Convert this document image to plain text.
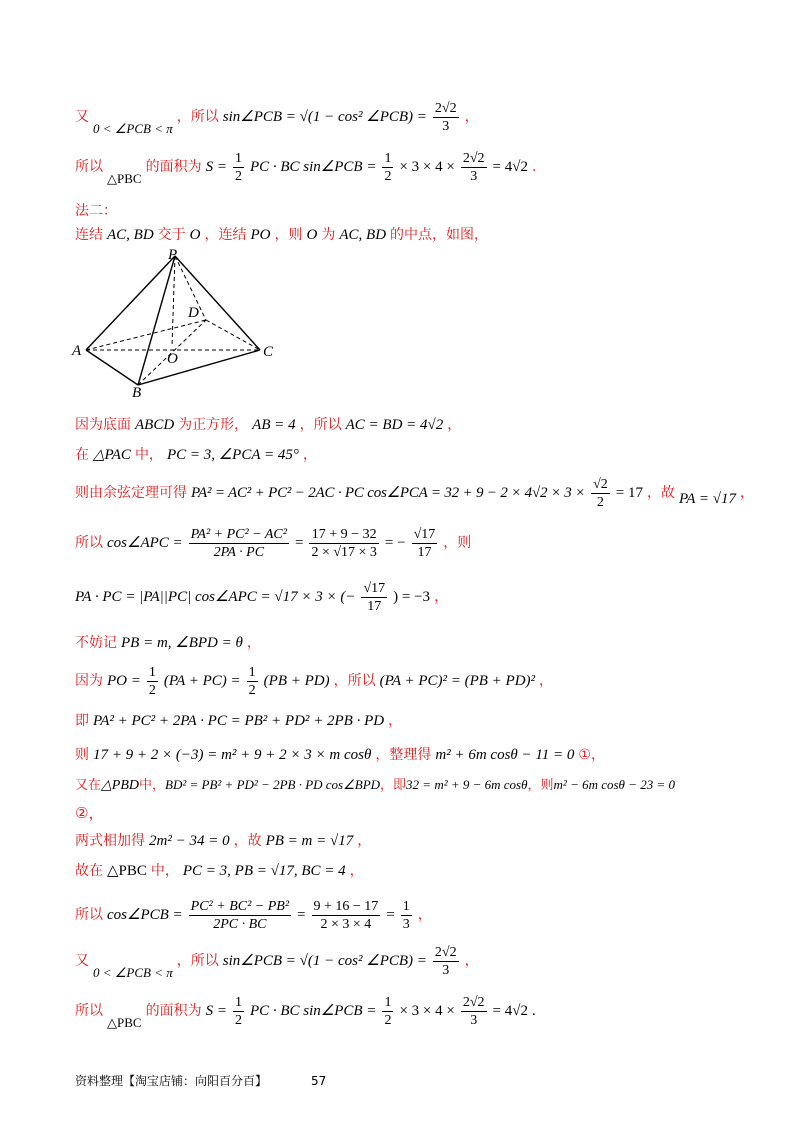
又 $_{0 < \angle PCB < \pi}$ ，所以 sin∠PCB = √(1 − cos² ∠PCB) = $\frac{2√2}{3}$ ，
所以 $_{\triangle PBC}$ 的面积为 $S = \frac{1}{2}$ PC · BC sin∠PCB = $\frac{1}{2} \times 3 \times 4 \times \frac{2√2}{3} = 4√2$ .
法二：
连结 AC, BD 交于 O ，连结 PO ，则 O 为 AC, BD 的中点，如图，
P
D
A	O	C
B
因为底面 ABCD 为正方形， AB = 4 ，所以 AC = BD = 4√2 ，
在 △PAC 中， PC = 3, ∠PCA = 45° ，
则由余弦定理可得 PA² = AC² + PC² − 2AC · PC cos∠PCA = $32 + 9 - 2 \times 4√2 \times 3 \times \frac{√2}{2} = 17$ ，故 PA = √17 ，
所以 cos∠APC = $\frac{\text{PA² + PC² − AC²}}{2PA \cdot PC} = \frac{17 + 9 - 32}{2 \times √17 \times 3}$ = − $\frac{√17}{17}$ ，则
PA · PC = |PA||PC| cos∠APC = √17 × 3 × (− $\frac{√17}{17}$ ) = −3 ，
不妨记 PB = m, ∠BPD = θ ，
因为 PO = $\frac{1}{2} (PA + PC) = \frac{1}{2} (PB + PD)$ ，所以 (PA + PC)² = (PB + PD)² ，
即 PA² + PC² + 2PA · PC = PB² + PD² + 2PB · PD ，
则 17 + 9 + 2 × (−3) = m² + 9 + 2 × 3 × m cosθ ，整理得 m² + 6m cosθ − 11 = 0 ①，
又在 △PBD 中， BD² = PB² + PD² − 2PB · PD cos∠BPD ，即 32 = m² + 9 − 6m cosθ ，则 m² − 6m cosθ − 23 = 0
②，
两式相加得 2m² − 34 = 0 ，故 PB = m = √17 ，
故在 △PBC 中， PC = 3, PB = √17, BC = 4 ，
所以 cos∠PCB = $\frac{\text{PC² + BC² − PB²}}{2PC \cdot BC} = \frac{9 + 16 - 17}{2 \times 3 \times 4} = \frac{1}{3}$ ，
又 $_{0 < \angle PCB < \pi}$ ，所以 sin∠PCB = √(1 − cos² ∠PCB) = $\frac{2√2}{3}$ ，
所以 $_{\triangle PBC}$ 的面积为 $S = \frac{1}{2}$ PC · BC sin∠PCB = $\frac{1}{2} \times 3 \times 4 \times \frac{2√2}{3} = 4√2$ .
资料整理【淘宝店铺：向阳百分百】	57
